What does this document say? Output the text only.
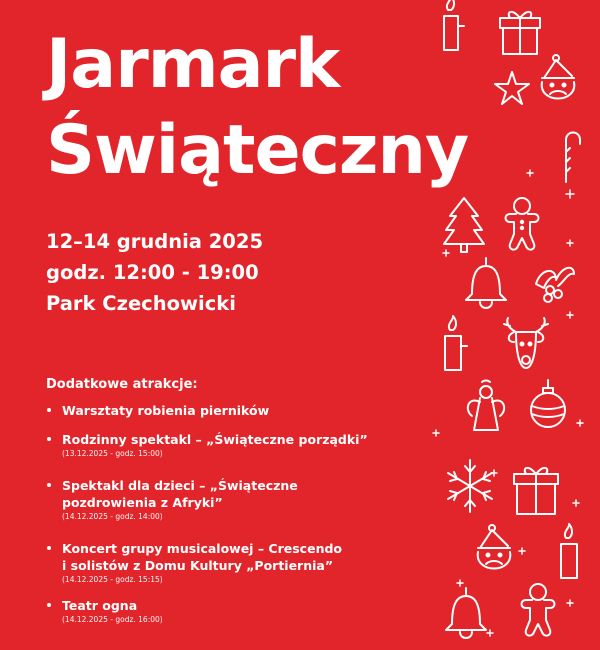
Jarmark
Świąteczny
12–14 grudnia 2025
godz. 12:00 - 19:00
Park Czechowicki
Dodatkowe atrakcje:
Warsztaty robienia pierników
Rodzinny spektakl – „Świąteczne porządki”
(13.12.2025 - godz. 15:00)
Spektakl dla dzieci – „Świąteczne
pozdrowienia z Afryki”
(14.12.2025 - godz. 14:00)
Koncert grupy musicalowej – Crescendo
i solistów z Domu Kultury „Portiernia”
(14.12.2025 - godz. 15:15)
Teatr ogna
(14.12.2025 - godz. 16:00)
